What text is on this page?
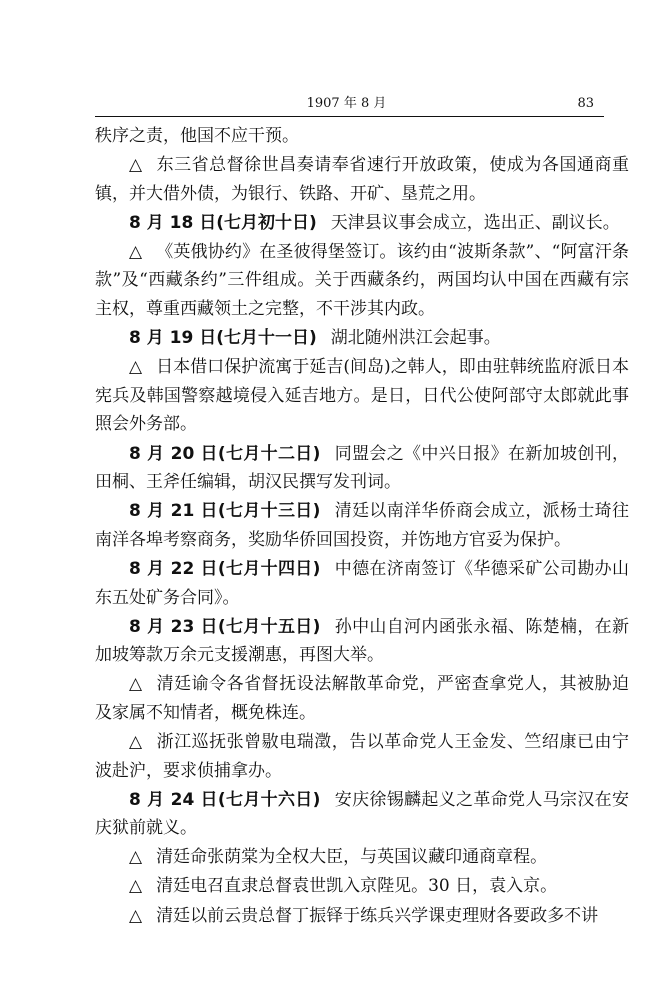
1907 年 8 月	83

秩序之责，他国不应干预。

△ 东三省总督徐世昌奏请奉省速行开放政策，使成为各国通商重镇，并大借外债，为银行、铁路、开矿、垦荒之用。

8 月 18 日(七月初十日) 天津县议事会成立，选出正、副议长。

△ 《英俄协约》在圣彼得堡签订。该约由“波斯条款”、“阿富汗条款”及“西藏条约”三件组成。关于西藏条约，两国均认中国在西藏有宗主权，尊重西藏领土之完整，不干涉其内政。

8 月 19 日(七月十一日) 湖北随州洪江会起事。

△ 日本借口保护流寓于延吉(间岛)之韩人，即由驻韩统监府派日本宪兵及韩国警察越境侵入延吉地方。是日，日代公使阿部守太郎就此事照会外务部。

8 月 20 日(七月十二日) 同盟会之《中兴日报》在新加坡创刊，田桐、王斧任编辑，胡汉民撰写发刊词。

8 月 21 日(七月十三日) 清廷以南洋华侨商会成立，派杨士琦往南洋各埠考察商务，奖励华侨回国投资，并饬地方官妥为保护。

8 月 22 日(七月十四日) 中德在济南签订《华德采矿公司勘办山东五处矿务合同》。

8 月 23 日(七月十五日) 孙中山自河内函张永福、陈楚楠，在新加坡筹款万余元支援潮惠，再图大举。

△ 清廷谕令各省督抚设法解散革命党，严密查拿党人，其被胁迫及家属不知情者，概免株连。

△ 浙江巡抚张曾敭电瑞澂，告以革命党人王金发、竺绍康已由宁波赴沪，要求侦捕拿办。

8 月 24 日(七月十六日) 安庆徐锡麟起义之革命党人马宗汉在安庆狱前就义。

△ 清廷命张荫棠为全权大臣，与英国议藏印通商章程。

△ 清廷电召直隶总督袁世凯入京陛见。30 日，袁入京。

△ 清廷以前云贵总督丁振铎于练兵兴学课吏理财各要政多不讲
